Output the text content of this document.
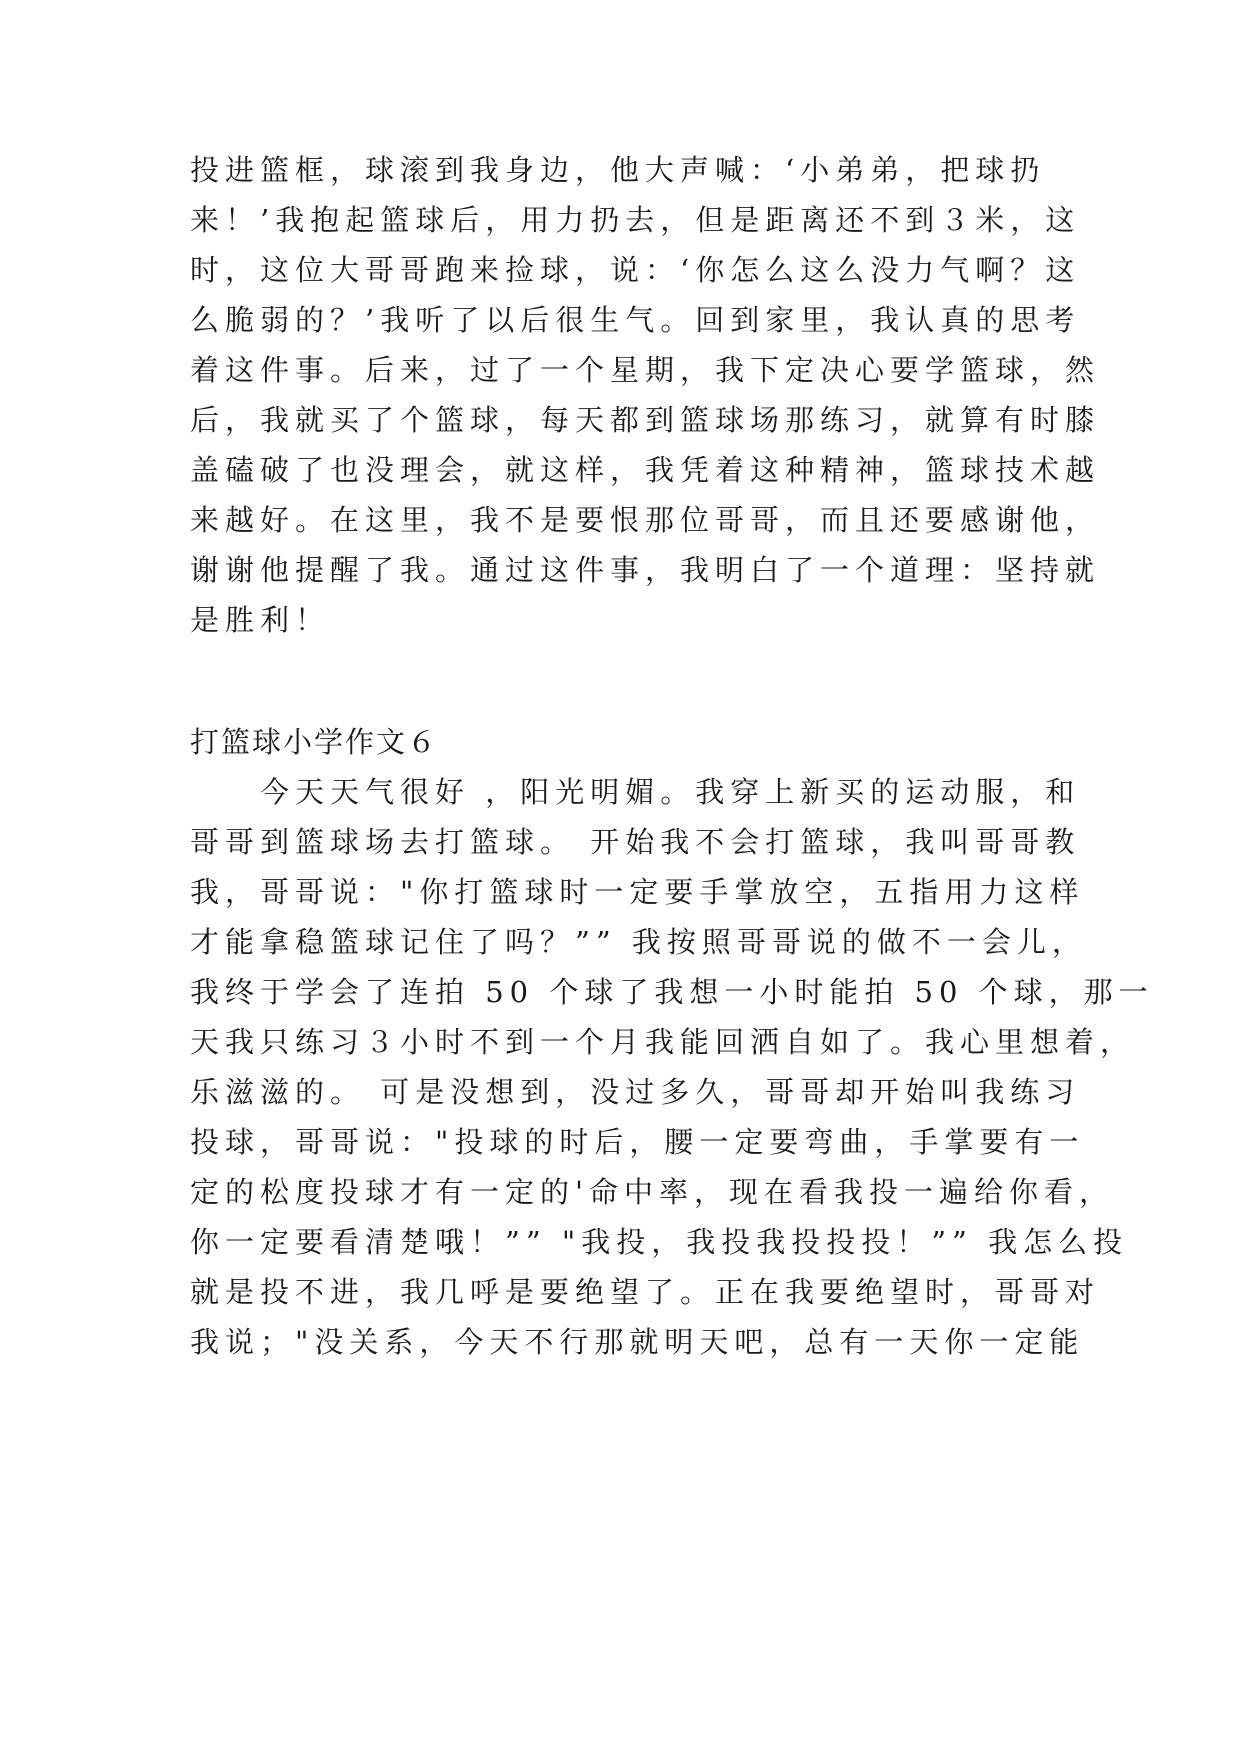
投进篮框，球滚到我身边，他大声喊：‘小弟弟，把球扔
来！’我抱起篮球后，用力扔去，但是距离还不到３米，这
时，这位大哥哥跑来捡球，说：‘你怎么这么没力气啊？这
么脆弱的？’我听了以后很生气。回到家里，我认真的思考
着这件事。后来，过了一个星期，我下定决心要学篮球，然
后，我就买了个篮球，每天都到篮球场那练习，就算有时膝
盖磕破了也没理会，就这样，我凭着这种精神，篮球技术越
来越好。在这里，我不是要恨那位哥哥，而且还要感谢他，
谢谢他提醒了我。通过这件事，我明白了一个道理：坚持就
是胜利！
打篮球小学作文６
　　今天天气很好 ，阳光明媚。我穿上新买的运动服，和
哥哥到篮球场去打篮球。 开始我不会打篮球，我叫哥哥教
我，哥哥说："你打篮球时一定要手掌放空，五指用力这样
才能拿稳篮球记住了吗？”” 我按照哥哥说的做不一会儿，
我终于学会了连拍 50 个球了我想一小时能拍 50 个球，那一
天我只练习３小时不到一个月我能回洒自如了。我心里想着，
乐滋滋的。 可是没想到，没过多久，哥哥却开始叫我练习
投球，哥哥说："投球的时后，腰一定要弯曲，手掌要有一
定的松度投球才有一定的'命中率，现在看我投一遍给你看，
你一定要看清楚哦！”” "我投，我投我投投投！”” 我怎么投
就是投不进，我几呼是要绝望了。正在我要绝望时，哥哥对
我说；"没关系，今天不行那就明天吧，总有一天你一定能
